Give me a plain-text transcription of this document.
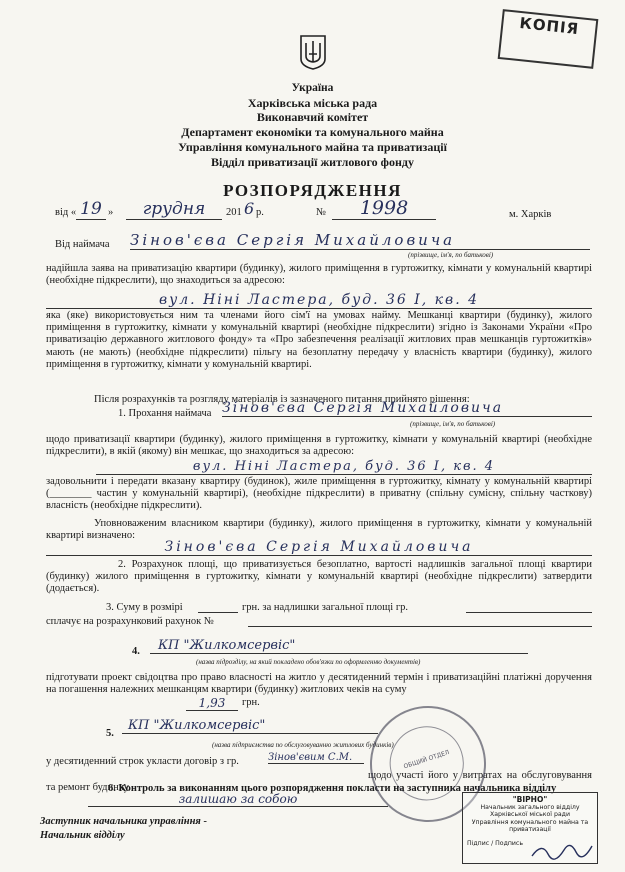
КОПІЯ
Україна
Харківська міська рада
Виконавчий комітет
Департамент економіки та комунального майна
Управління комунального майна та приватизації
Відділ приватизації житлового фонду
РОЗПОРЯДЖЕННЯ
від « 19 »	грудня	201 6 р.	№	1998	м. Харків
Від наймача Зінов'єва Сергія Михайловича
(прізвище, ім'я, по батькові)
надійшла заява на приватизацію квартири (будинку), жилого приміщення в гуртожитку, кімнати у комунальній квартирі (необхідне підкреслити), що знаходиться за адресою:
вул. Ніні Ластера, буд. 36 І, кв. 4
яка (яке) використовується ним та членами його сім'ї на умовах найму. Мешканці квартири (будинку), жилого приміщення в гуртожитку, кімнати у комунальній квартирі (необхідне підкреслити) згідно із Законами України «Про приватизацію державного житлового фонду» та «Про забезпечення реалізації житлових прав мешканців гуртожитків» мають (не мають) (необхідне підкреслити) пільгу на безоплатну передачу у власність квартири (будинку), жилого приміщення в гуртожитку, кімнати у комунальній квартирі.
Після розрахунків та розгляду матеріалів із зазначеного питання прийнято рішення:
1. Прохання наймача Зінов'єва Сергія Михайловича
(прізвище, ім'я, по батькові)
щодо приватизації квартири (будинку), жилого приміщення в гуртожитку, кімнати у комунальній квартирі (необхідне підкреслити), в якій (якому) він мешкає, що знаходиться за адресою:
вул. Ніні Ластера, буд. 36 І, кв. 4
задовольнити і передати вказану квартиру (будинок), жиле приміщення в гуртожитку, кімнату у комунальній квартирі (________ частин у комунальній квартирі), (необхідне підкреслити) в приватну (спільну сумісну, спільну часткову) власність (необхідне підкреслити).
Уповноваженим власником квартири (будинку), жилого приміщення в гуртожитку, кімнати у комунальній квартирі визначено:
Зінов'єва Сергія Михайловича
2. Розрахунок площі, що приватизується безоплатно, вартості надлишків загальної площі квартири (будинку) жилого приміщення в гуртожитку, кімнати у комунальній квартирі (необхідне підкреслити) затвердити (додається).
3. Суму в розмірі	грн. за надлишки загальної площі гр.
сплачує на розрахунковий рахунок №
4.	КП "Жилкомсервіс"
(назва підрозділу, на який покладено обов'язки по оформленню документів)
підготувати проект свідоцтва про право власності на житло у десятиденний термін і приватизаційні платіжні доручення на погашення належних мешканцям квартири (будинку) житлових чеків на суму
1,93	грн.
5.
КП "Жилкомсервіс"
(назва підприємства по обслуговуванню житлових будинків)
у десятиденний строк укласти договір з гр.	Зінов'євим С.М.
щодо участі його у витратах на обслуговування та ремонт будинку.
6. Контроль за виконанням цього розпорядження покласти на заступника начальника відділу
залишаю за собою
Заступник начальника управління -
Начальник відділу
ОБЩИЙ ОТДЕЛ
"ВІРНО"
Начальник загального відділу
Харківської міської ради
Управління комунального майна та приватизації
Підпис / Подпись
